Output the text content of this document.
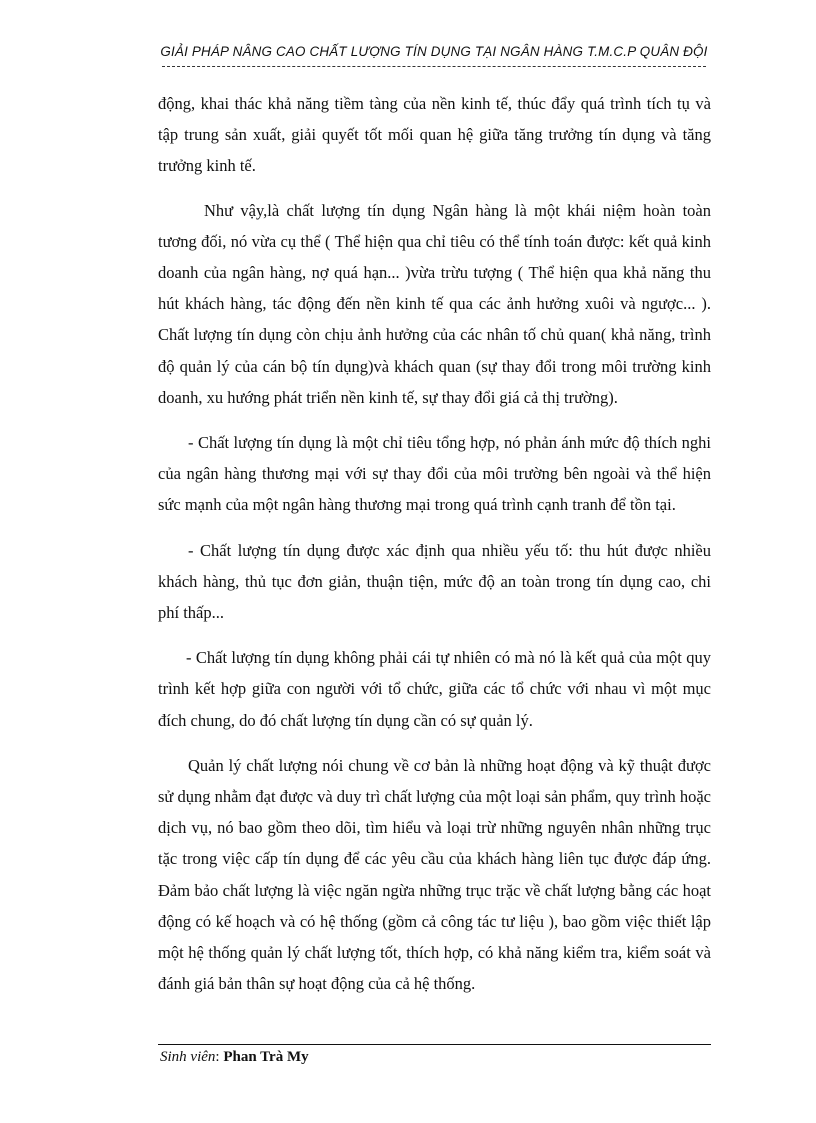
GIẢI PHÁP NÂNG CAO CHẤT LƯỢNG TÍN DỤNG TẠI NGÂN HÀNG T.M.C.P QUÂN ĐỘI

động, khai thác khả năng tiềm tàng của nền kinh tế, thúc đẩy quá trình tích tụ và tập trung sản xuất, giải quyết tốt mối quan hệ giữa tăng trưởng tín dụng và tăng trưởng kinh tế.

Như vậy,là chất lượng tín dụng Ngân hàng là một khái niệm hoàn toàn tương đối, nó vừa cụ thể ( Thể hiện qua chỉ tiêu có thể tính toán được: kết quả kinh doanh của ngân hàng, nợ quá hạn... )vừa trừu tượng ( Thể hiện qua khả năng thu hút khách hàng, tác động đến nền kinh tế qua các ảnh hưởng xuôi và ngược... ). Chất lượng tín dụng còn chịu ảnh hưởng của các nhân tố chủ quan( khả năng, trình độ quản lý của cán bộ tín dụng)và khách quan (sự thay đổi trong môi trường kinh doanh, xu hướng phát triển nền kinh tế, sự thay đổi giá cả thị trường).

- Chất lượng tín dụng là một chỉ tiêu tổng hợp, nó phản ánh mức độ thích nghi của ngân hàng thương mại với sự thay đổi của môi trường bên ngoài và thể hiện sức mạnh của một ngân hàng thương mại trong quá trình cạnh tranh để tồn tại.

- Chất lượng tín dụng được xác định qua nhiều yếu tố: thu hút được nhiều khách hàng, thủ tục đơn giản, thuận tiện, mức độ an toàn trong tín dụng cao, chi phí thấp...

- Chất lượng tín dụng không phải cái tự nhiên có mà nó là kết quả của một quy trình kết hợp giữa con người với tổ chức, giữa các tổ chức với nhau vì một mục đích chung, do đó chất lượng tín dụng cần có sự quản lý.

Quản lý chất lượng nói chung về cơ bản là những hoạt động và kỹ thuật được sử dụng nhằm đạt được và duy trì chất lượng của một loại sản phẩm, quy trình hoặc dịch vụ, nó bao gồm theo dõi, tìm hiểu và loại trừ những nguyên nhân những trục tặc trong việc cấp tín dụng để các yêu cầu của khách hàng liên tục được đáp ứng. Đảm bảo chất lượng là việc ngăn ngừa những trục trặc về chất lượng bằng các hoạt động có kế hoạch và có hệ thống (gồm cả công tác tư liệu ), bao gồm việc thiết lập một hệ thống quản lý chất lượng tốt, thích hợp, có khả năng kiểm tra, kiểm soát và đánh giá bản thân sự hoạt động của cả hệ thống.

Sinh viên: Phan Trà My
